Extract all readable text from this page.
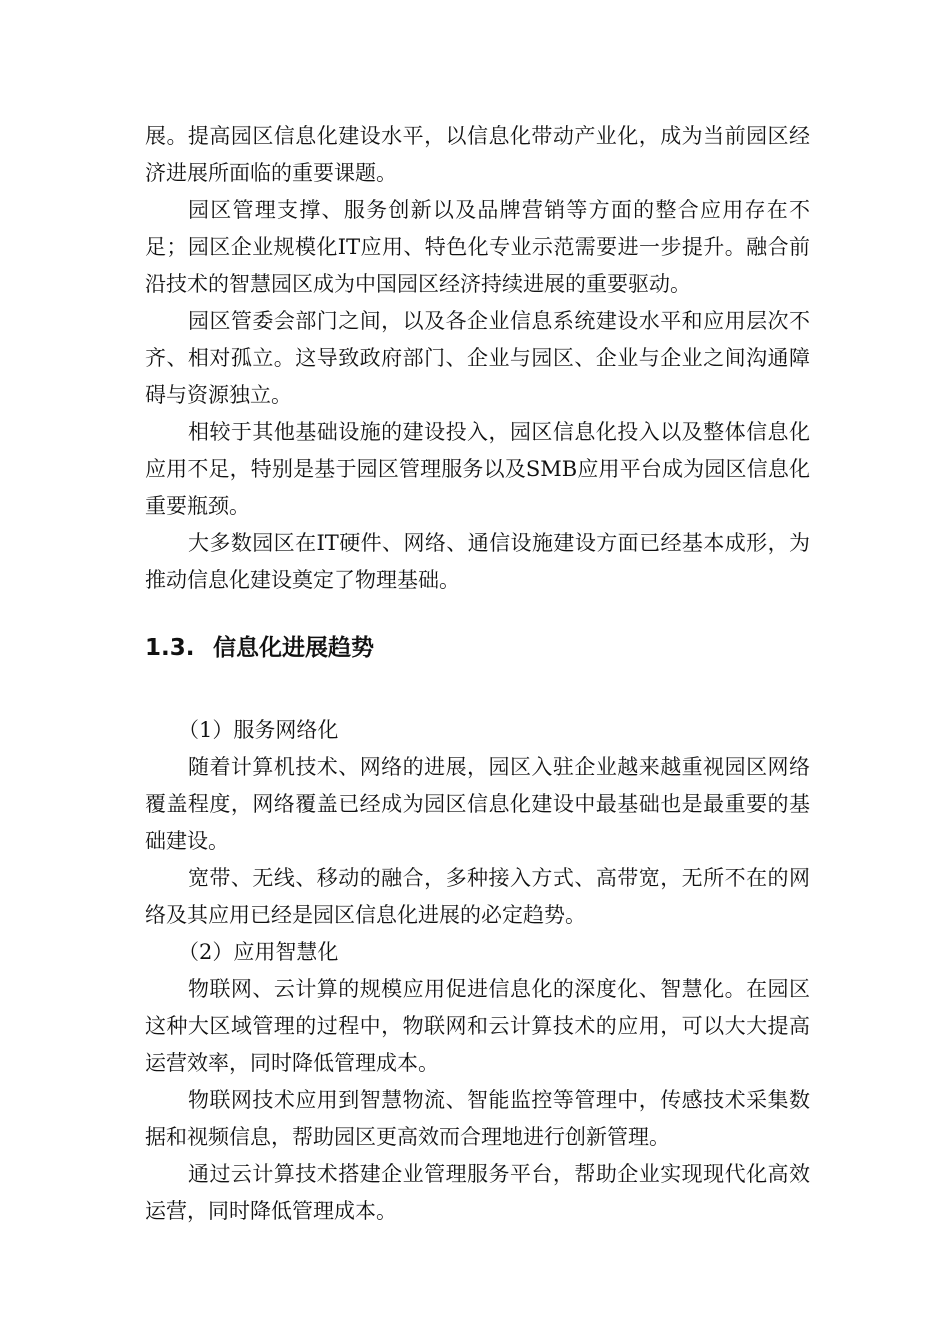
展。提高园区信息化建设水平，以信息化带动产业化，成为当前园区经济进展所面临的重要课题。

园区管理支撑、服务创新以及品牌营销等方面的整合应用存在不足；园区企业规模化IT应用、特色化专业示范需要进一步提升。融合前沿技术的智慧园区成为中国园区经济持续进展的重要驱动。

园区管委会部门之间，以及各企业信息系统建设水平和应用层次不齐、相对孤立。这导致政府部门、企业与园区、企业与企业之间沟通障碍与资源独立。

相较于其他基础设施的建设投入，园区信息化投入以及整体信息化应用不足，特别是基于园区管理服务以及SMB应用平台成为园区信息化重要瓶颈。

大多数园区在IT硬件、网络、通信设施建设方面已经基本成形，为推动信息化建设奠定了物理基础。

1.3. 信息化进展趋势

（1）服务网络化

随着计算机技术、网络的进展，园区入驻企业越来越重视园区网络覆盖程度，网络覆盖已经成为园区信息化建设中最基础也是最重要的基础建设。

宽带、无线、移动的融合，多种接入方式、高带宽，无所不在的网络及其应用已经是园区信息化进展的必定趋势。

（2）应用智慧化

物联网、云计算的规模应用促进信息化的深度化、智慧化。在园区这种大区域管理的过程中，物联网和云计算技术的应用，可以大大提高运营效率，同时降低管理成本。

物联网技术应用到智慧物流、智能监控等管理中，传感技术采集数据和视频信息，帮助园区更高效而合理地进行创新管理。

通过云计算技术搭建企业管理服务平台，帮助企业实现现代化高效运营，同时降低管理成本。
